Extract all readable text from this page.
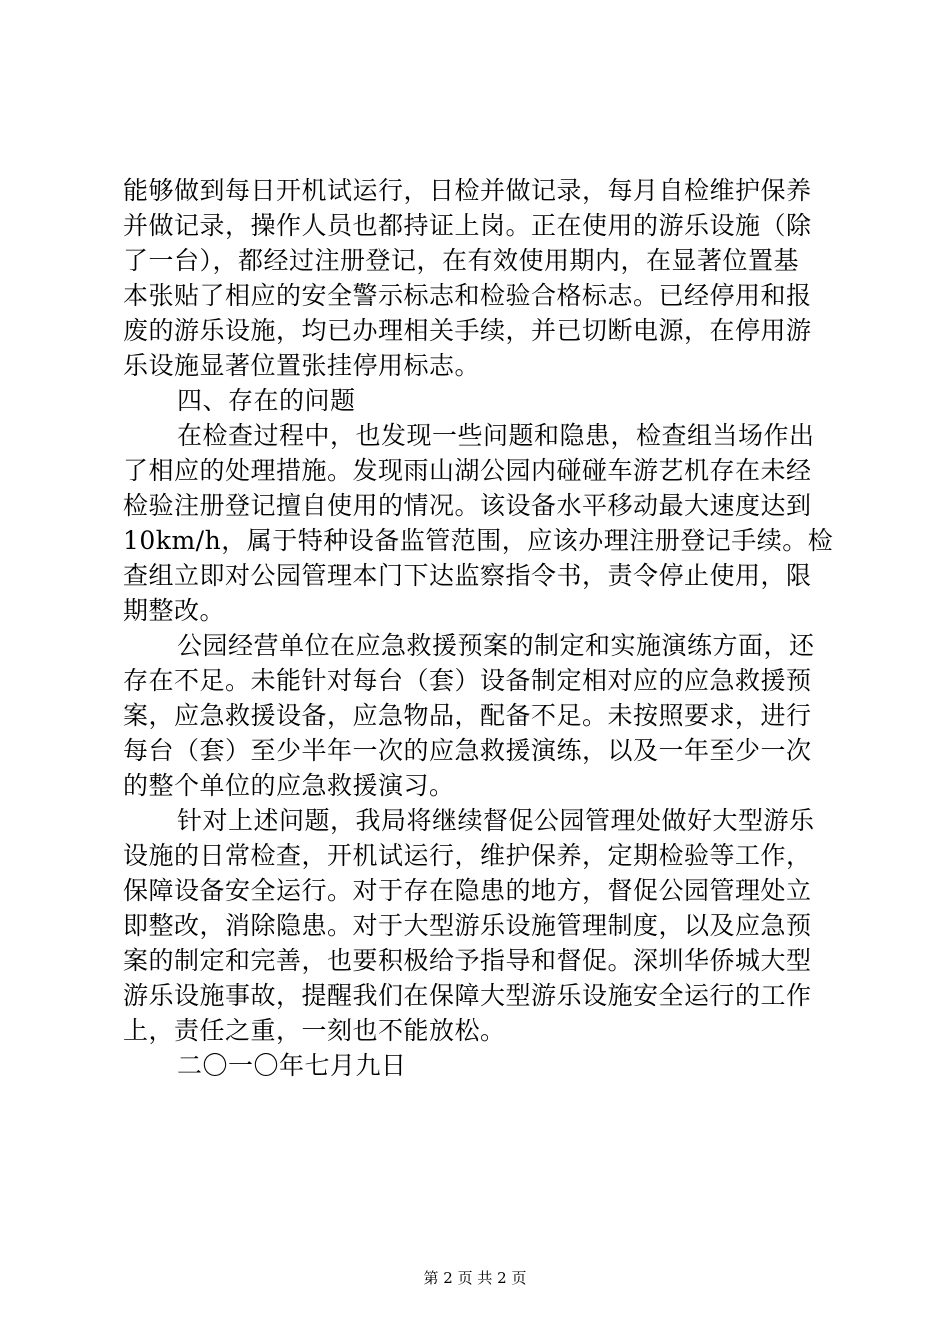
能够做到每日开机试运行，日检并做记录，每月自检维护保养
并做记录，操作人员也都持证上岗。正在使用的游乐设施（除
了一台），都经过注册登记，在有效使用期内，在显著位置基
本张贴了相应的安全警示标志和检验合格标志。已经停用和报
废的游乐设施，均已办理相关手续，并已切断电源，在停用游
乐设施显著位置张挂停用标志。
四、存在的问题
在检查过程中，也发现一些问题和隐患，检查组当场作出
了相应的处理措施。发现雨山湖公园内碰碰车游艺机存在未经
检验注册登记擅自使用的情况。该设备水平移动最大速度达到
10km/h，属于特种设备监管范围，应该办理注册登记手续。检
查组立即对公园管理本门下达监察指令书，责令停止使用，限
期整改。
公园经营单位在应急救援预案的制定和实施演练方面，还
存在不足。未能针对每台（套）设备制定相对应的应急救援预
案，应急救援设备，应急物品，配备不足。未按照要求，进行
每台（套）至少半年一次的应急救援演练，以及一年至少一次
的整个单位的应急救援演习。
针对上述问题，我局将继续督促公园管理处做好大型游乐
设施的日常检查，开机试运行，维护保养，定期检验等工作，
保障设备安全运行。对于存在隐患的地方，督促公园管理处立
即整改，消除隐患。对于大型游乐设施管理制度，以及应急预
案的制定和完善，也要积极给予指导和督促。深圳华侨城大型
游乐设施事故，提醒我们在保障大型游乐设施安全运行的工作
上，责任之重，一刻也不能放松。
二〇一〇年七月九日
第 2 页 共 2 页
